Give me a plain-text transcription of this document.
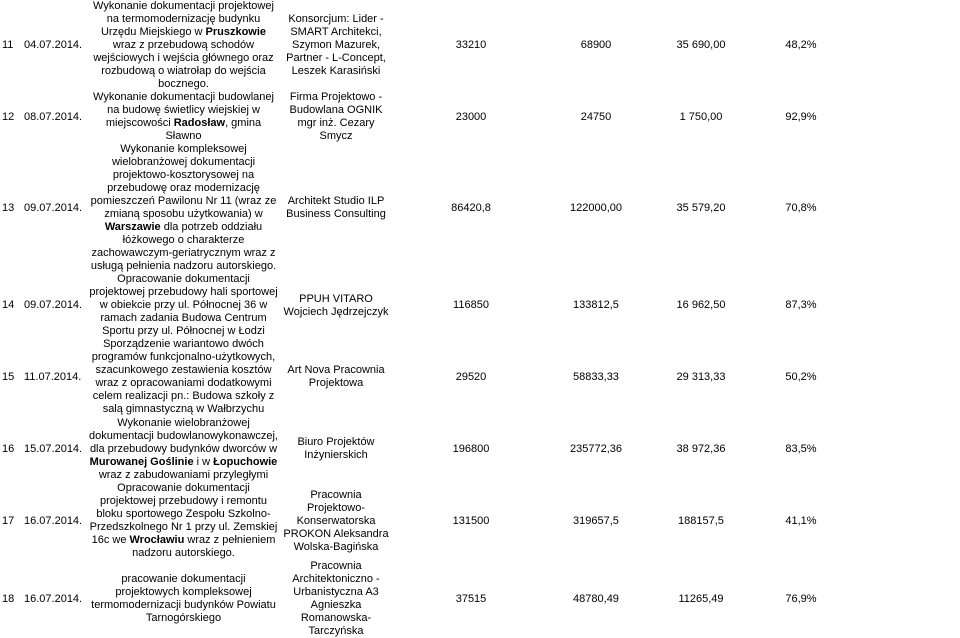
11	04.07.2014.	Wykonanie dokumentacji projektowej na termomodernizację budynku Urzędu Miejskiego w Pruszkowie wraz z przebudową schodów wejściowych i wejścia głównego oraz rozbudową o wiatrołap do wejścia bocznego.	Konsorcjum: Lider - SMART Architekci, Szymon Mazurek, Partner - L-Concept, Leszek Karasiński	33210	68900	35 690,00	48,2%	
12	08.07.2014.	Wykonanie dokumentacji budowlanej na budowę świetlicy wiejskiej w miejscowości Radosław, gmina Sławno	Firma Projektowo - Budowlana OGNIK mgr inż. Cezary Smycz	23000	24750	1 750,00	92,9%	
13	09.07.2014.	Wykonanie kompleksowej wielobranżowej dokumentacji projektowo-kosztorysowej na przebudowę oraz modernizację pomieszczeń Pawilonu Nr 11 (wraz ze zmianą sposobu użytkowania) w Warszawie dla potrzeb oddziału łóżkowego o charakterze zachowawczym-geriatrycznym wraz z usługą pełnienia nadzoru autorskiego.	Architekt Studio ILP Business Consulting	86420,8	122000,00	35 579,20	70,8%	
14	09.07.2014.	Opracowanie dokumentacji projektowej przebudowy hali sportowej w obiekcie przy ul. Północnej 36 w ramach zadania Budowa Centrum Sportu przy ul. Północnej w Łodzi	PPUH VITARO Wojciech Jędrzejczyk	116850	133812,5	16 962,50	87,3%	
15	11.07.2014.	Sporządzenie wariantowo dwóch programów funkcjonalno-użytkowych, szacunkowego zestawienia kosztów wraz z opracowaniami dodatkowymi celem realizacji pn.: Budowa szkoły z salą gimnastyczną w Wałbrzychu	Art Nova Pracownia Projektowa	29520	58833,33	29 313,33	50,2%	
16	15.07.2014.	Wykonanie wielobranżowej dokumentacji budowlanowykonawczej, dla przebudowy budynków dworców w Murowanej Goślinie i w Łopuchowie wraz z zabudowaniami przyległymi	Biuro Projektów Inżynierskich	196800	235772,36	38 972,36	83,5%	
17	16.07.2014.	Opracowanie dokumentacji projektowej przebudowy i remontu bloku sportowego Zespołu Szkolno-Przedszkolnego Nr 1 przy ul. Zemskiej 16c we Wrocławiu wraz z pełnieniem nadzoru autorskiego.	Pracownia Projektowo-Konserwatorska PROKON Aleksandra Wolska-Bagińska	131500	319657,5	188157,5	41,1%	
18	16.07.2014.	pracowanie dokumentacji projektowych kompleksowej termomodernizacji budynków Powiatu Tarnogórskiego	Pracownia Architektoniczno - Urbanistyczna A3 Agnieszka Romanowska-Tarczyńska	37515	48780,49	11265,49	76,9%	
